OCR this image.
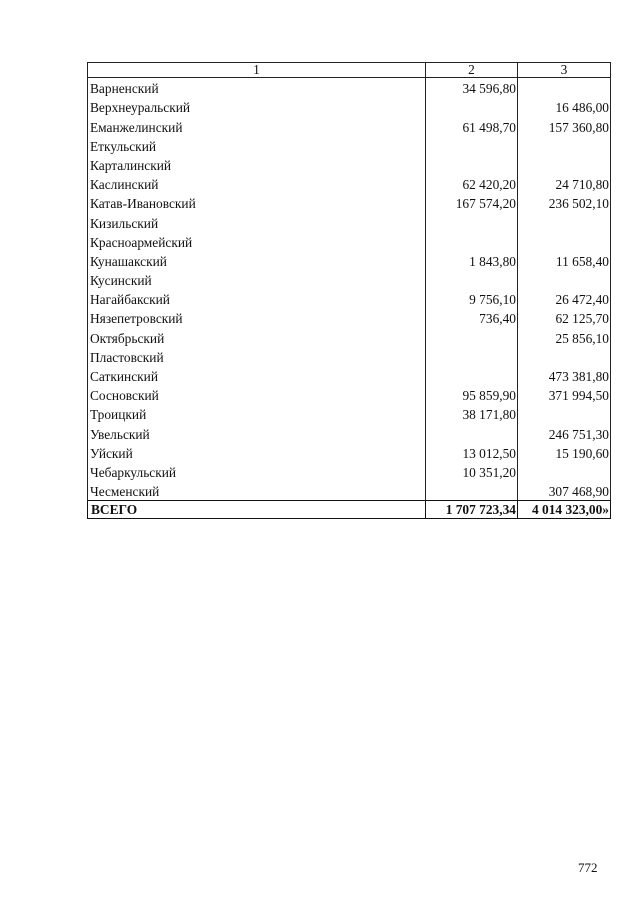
1	2	3
Варненский	34 596,80	
Верхнеуральский		16 486,00
Еманжелинский	61 498,70	157 360,80
Еткульский		
Карталинский		
Каслинский	62 420,20	24 710,80
Катав-Ивановский	167 574,20	236 502,10
Кизильский		
Красноармейский		
Кунашакский	1 843,80	11 658,40
Кусинский		
Нагайбакский	9 756,10	26 472,40
Нязепетровский	736,40	62 125,70
Октябрьский		25 856,10
Пластовский		
Саткинский		473 381,80
Сосновский	95 859,90	371 994,50
Троицкий	38 171,80	
Увельский		246 751,30
Уйский	13 012,50	15 190,60
Чебаркульский	10 351,20	
Чесменский		307 468,90
ВСЕГО	1 707 723,34	4 014 323,00»
772
